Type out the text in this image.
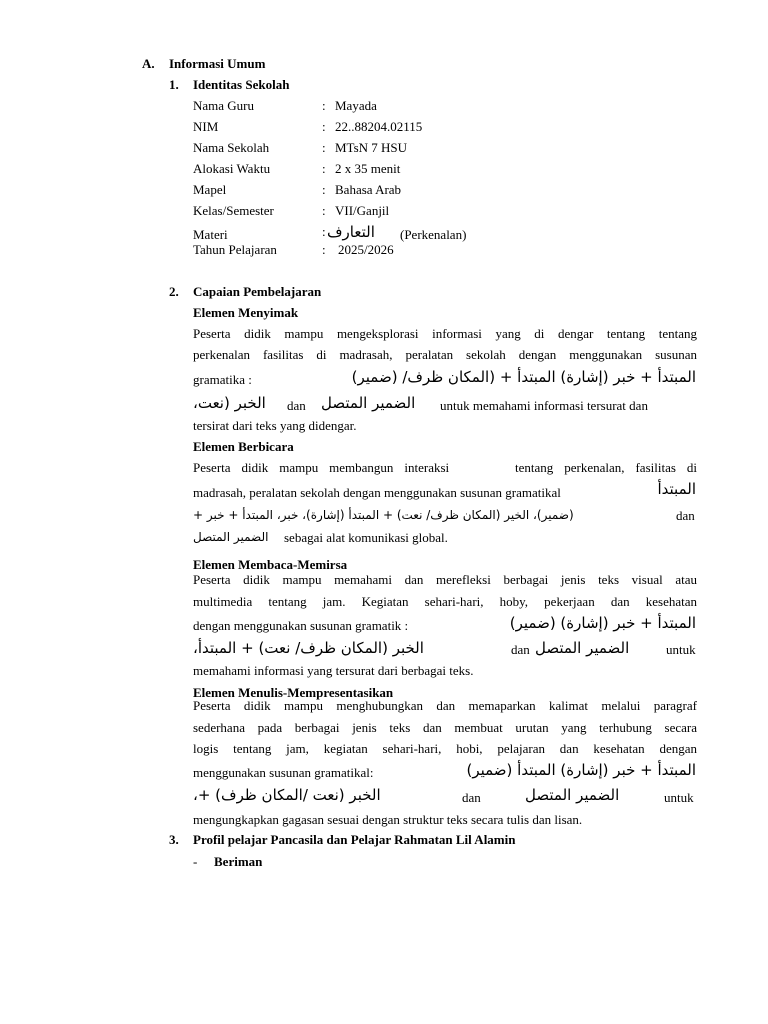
A. Informasi Umum
1. Identitas Sekolah
Nama Guru	: Mayada
NIM	: 22..88204.02115
Nama Sekolah	: MTsN 7 HSU
Alokasi Waktu	: 2 x 35 menit
Mapel	: Bahasa Arab
Kelas/Semester	: VII/Ganjil
Materi	: التعارف (Perkenalan)
Tahun Pelajaran	: 2025/2026
2. Capaian Pembelajaran
Elemen Menyimak
Peserta didik mampu mengeksplorasi informasi yang di dengar tentang tentang
perkenalan fasilitas di madrasah, peralatan sekolah dengan menggunakan susunan
gramatika :	المبتدأ + خبر (إشارة) المبتدأ + (المكان ظرف/ (ضمير)
الخبر (نعت، dan الضمير المتصل untuk memahami informasi tersurat dan
tersirat dari teks yang didengar.
Elemen Berbicara
Peserta didik mampu membangun interaksi      tentang perkenalan, fasilitas di
madrasah, peralatan sekolah dengan menggunakan susunan gramatikal	المبتدأ
(ضمير)، الخير (المكان ظرف/ نعت) + المبتدأ (إشارة)، خبر، المبتدأ + خبر +	dan
الضمير المتصل sebagai alat komunikasi global.
Elemen Membaca-Memirsa
Peserta didik mampu memahami dan merefleksi berbagai jenis teks visual atau
multimedia tentang jam. Kegiatan sehari-hari, hoby, pekerjaan dan kesehatan
dengan menggunakan susunan gramatik :	المبتدأ + خبر (إشارة) (ضمير)
الخبر (المكان ظرف/ نعت) + المبتدأ،	dan الضمير المتصل	untuk
memahami informasi yang tersurat dari berbagai teks.
Elemen Menulis-Mempresentasikan
Peserta didik mampu menghubungkan dan memaparkan kalimat melalui paragraf
sederhana pada berbagai jenis teks dan membuat urutan yang terhubung secara
logis tentang jam, kegiatan sehari-hari, hobi, pelajaran dan kesehatan dengan
menggunakan susunan gramatikal:	المبتدأ + خبر (إشارة) المبتدأ (ضمير)
الخبر (نعت /المكان ظرف) +،	dan	الضمير المتصل	untuk
mengungkapkan gagasan sesuai dengan struktur teks secara tulis dan lisan.
3. Profil pelajar Pancasila dan Pelajar Rahmatan Lil Alamin
- Beriman
